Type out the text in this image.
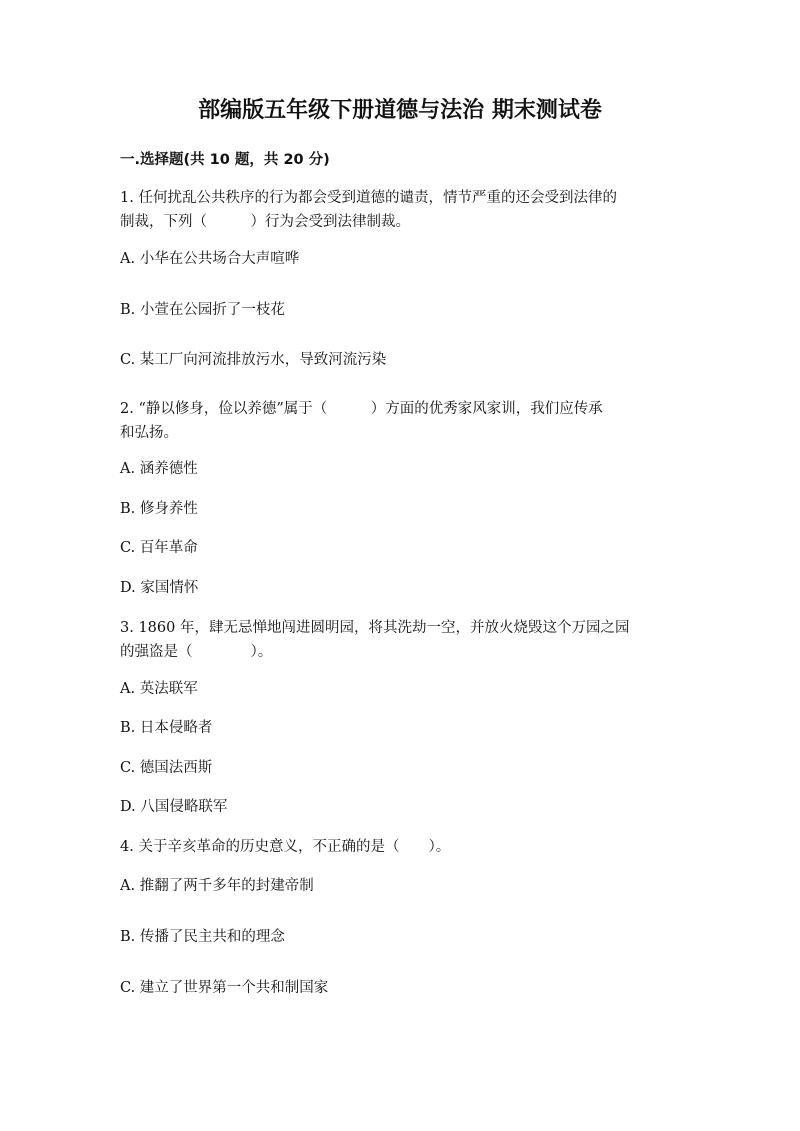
部编版五年级下册道德与法治 期末测试卷
一.选择题(共 10 题，共 20 分)
1. 任何扰乱公共秩序的行为都会受到道德的谴责，情节严重的还会受到法律的
制裁，下列（　　　）行为会受到法律制裁。
A. 小华在公共场合大声喧哗
B. 小萱在公园折了一枝花
C. 某工厂向河流排放污水，导致河流污染
2. “静以修身，俭以养德”属于（　　　）方面的优秀家风家训，我们应传承
和弘扬。
A. 涵养德性
B. 修身养性
C. 百年革命
D. 家国情怀
3. 1860 年，肆无忌惮地闯进圆明园，将其洗劫一空，并放火烧毁这个万园之园
的强盗是（　　　　）。
A. 英法联军
B. 日本侵略者
C. 德国法西斯
D. 八国侵略联军
4. 关于辛亥革命的历史意义，不正确的是（　　）。
A. 推翻了两千多年的封建帝制
B. 传播了民主共和的理念
C. 建立了世界第一个共和制国家
